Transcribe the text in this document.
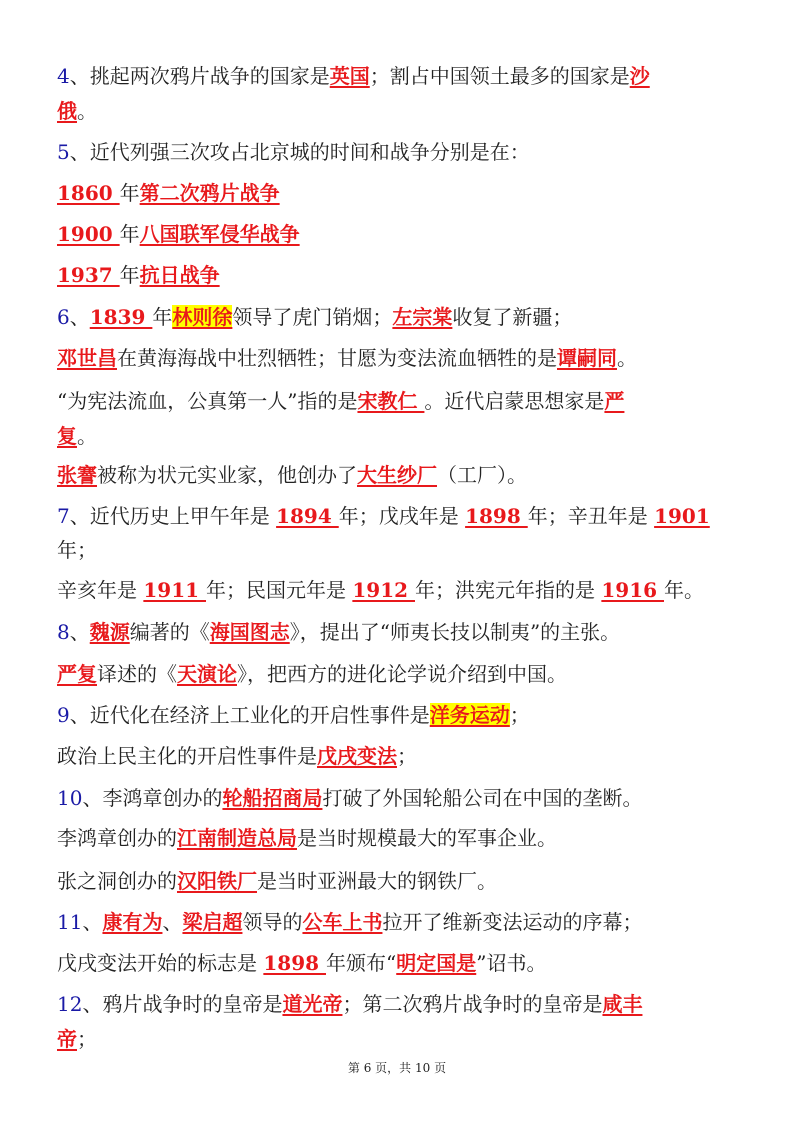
4、挑起两次鸦片战争的国家是英国；割占中国领土最多的国家是沙
俄。
5、近代列强三次攻占北京城的时间和战争分别是在：
1860 年第二次鸦片战争
1900 年八国联军侵华战争
1937 年抗日战争
6、1839 年林则徐领导了虎门销烟；左宗棠收复了新疆；
邓世昌在黄海海战中壮烈牺牲；甘愿为变法流血牺牲的是谭嗣同。
“为宪法流血，公真第一人”指的是宋教仁 。近代启蒙思想家是严
复。
张謇被称为状元实业家，他创办了大生纱厂（工厂）。
7、近代历史上甲午年是 1894 年；戊戌年是 1898 年；辛丑年是 1901
年；
辛亥年是 1911 年；民国元年是 1912 年；洪宪元年指的是 1916 年。
8、魏源编著的《海国图志》，提出了“师夷长技以制夷”的主张。
严复译述的《天演论》，把西方的进化论学说介绍到中国。
9、近代化在经济上工业化的开启性事件是洋务运动；
政治上民主化的开启性事件是戊戌变法；
10、李鸿章创办的轮船招商局打破了外国轮船公司在中国的垄断。
李鸿章创办的江南制造总局是当时规模最大的军事企业。
张之洞创办的汉阳铁厂是当时亚洲最大的钢铁厂。
11、康有为、梁启超领导的公车上书拉开了维新变法运动的序幕；
戊戌变法开始的标志是 1898 年颁布“明定国是”诏书。
12、鸦片战争时的皇帝是道光帝；第二次鸦片战争时的皇帝是咸丰
帝；
第 6 页，共 10 页
